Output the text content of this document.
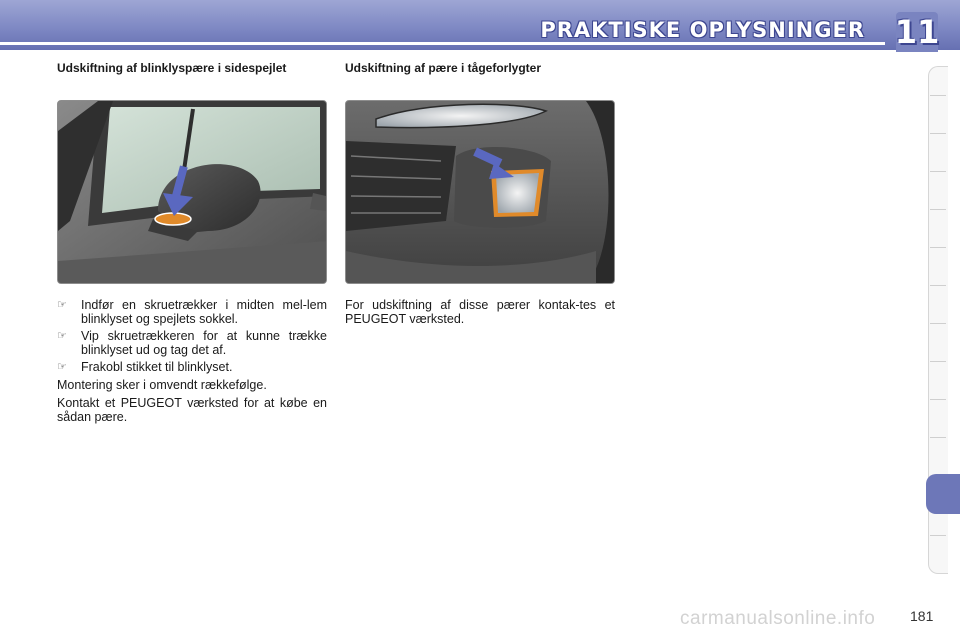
PRAKTISKE OPLYSNINGER 11
Udskiftning af blinklyspære i sidespejlet
☞	Indfør en skruetrækker i midten mel-lem blinklyset og spejlets sokkel.
☞	Vip skruetrækkeren for at kunne trække blinklyset ud og tag det af.
☞	Frakobl stikket til blinklyset.
Montering sker i omvendt rækkefølge.
Kontakt et PEUGEOT værksted for at købe en sådan pære.
Udskiftning af pære i tågeforlygter
For udskiftning af disse pærer kontak-tes et PEUGEOT værksted.
carmanualsonline.info 181
